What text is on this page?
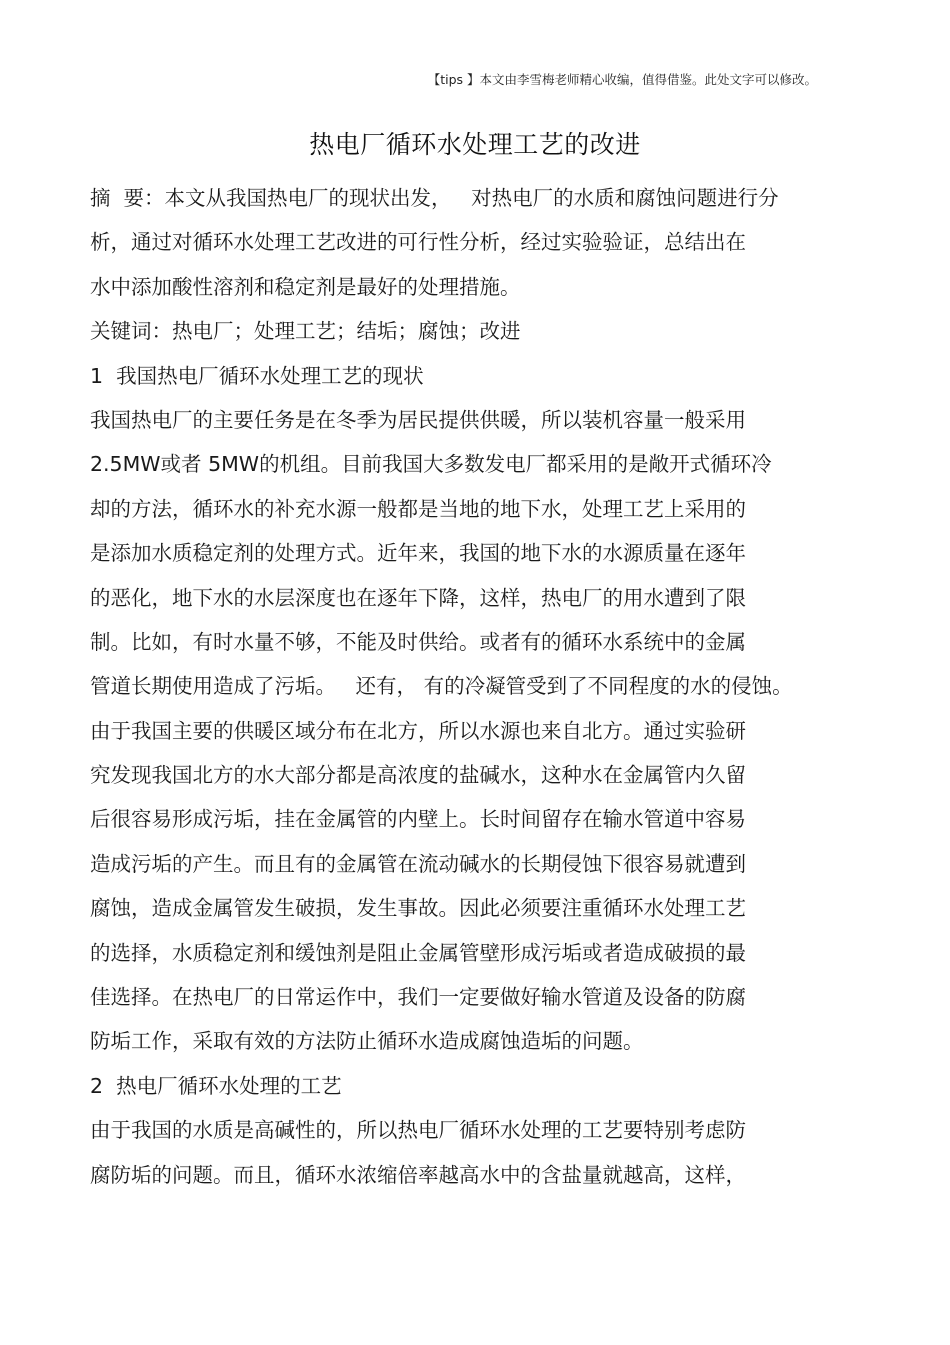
【tips 】本文由李雪梅老师精心收编，值得借鉴。此处文字可以修改。
热电厂循环水处理工艺的改进
摘  要：本文从我国热电厂的现状出发，   对热电厂的水质和腐蚀问题进行分
析，通过对循环水处理工艺改进的可行性分析，经过实验验证，总结出在
水中添加酸性溶剂和稳定剂是最好的处理措施。
关键词：热电厂；处理工艺；结垢；腐蚀；改进
1  我国热电厂循环水处理工艺的现状
我国热电厂的主要任务是在冬季为居民提供供暖，所以装机容量一般采用
2.5MW或者 5MW的机组。目前我国大多数发电厂都采用的是敞开式循环冷
却的方法，循环水的补充水源一般都是当地的地下水，处理工艺上采用的
是添加水质稳定剂的处理方式。近年来，我国的地下水的水源质量在逐年
的恶化，地下水的水层深度也在逐年下降，这样，热电厂的用水遭到了限
制。比如，有时水量不够，不能及时供给。或者有的循环水系统中的金属
管道长期使用造成了污垢。   还有， 有的冷凝管受到了不同程度的水的侵蚀。
由于我国主要的供暖区域分布在北方，所以水源也来自北方。通过实验研
究发现我国北方的水大部分都是高浓度的盐碱水，这种水在金属管内久留
后很容易形成污垢，挂在金属管的内壁上。长时间留存在输水管道中容易
造成污垢的产生。而且有的金属管在流动碱水的长期侵蚀下很容易就遭到
腐蚀，造成金属管发生破损，发生事故。因此必须要注重循环水处理工艺
的选择，水质稳定剂和缓蚀剂是阻止金属管壁形成污垢或者造成破损的最
佳选择。在热电厂的日常运作中，我们一定要做好输水管道及设备的防腐
防垢工作，采取有效的方法防止循环水造成腐蚀造垢的问题。
2  热电厂循环水处理的工艺
由于我国的水质是高碱性的，所以热电厂循环水处理的工艺要特别考虑防
腐防垢的问题。而且，循环水浓缩倍率越高水中的含盐量就越高，这样，
